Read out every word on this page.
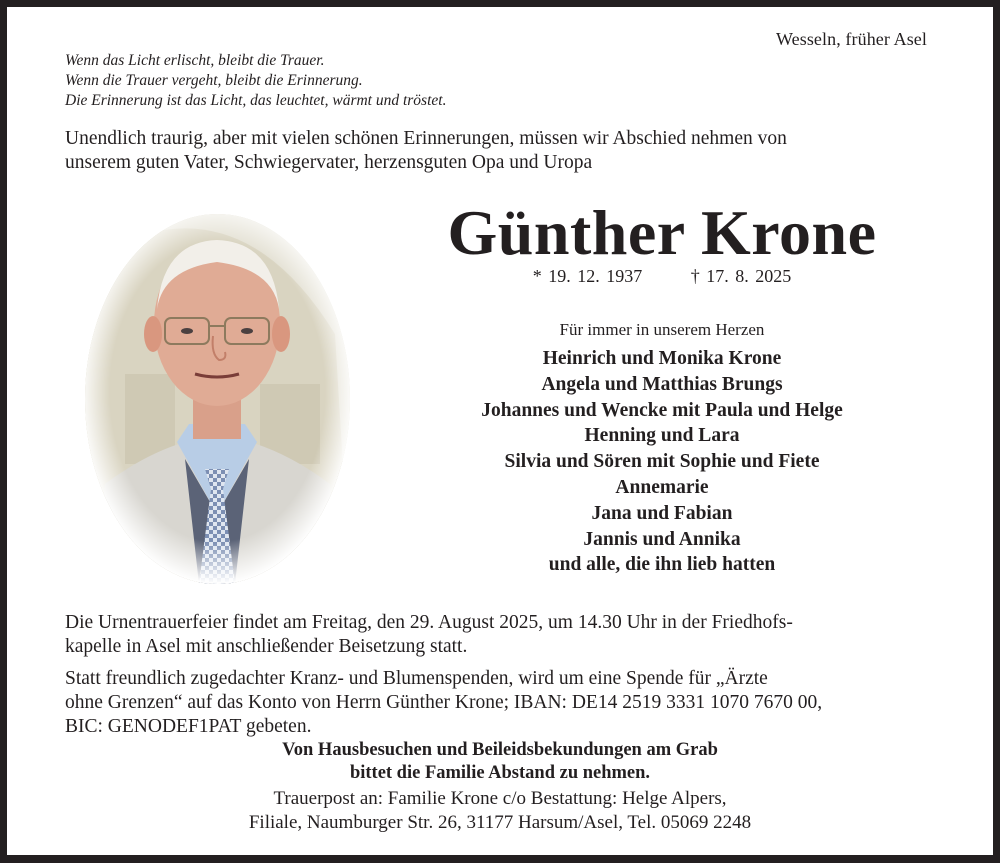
Wesseln, früher Asel
Wenn das Licht erlischt, bleibt die Trauer.
Wenn die Trauer vergeht, bleibt die Erinnerung.
Die Erinnerung ist das Licht, das leuchtet, wärmt und tröstet.
Unendlich traurig, aber mit vielen schönen Erinnerungen, müssen wir Abschied nehmen von
unserem guten Vater, Schwiegervater, herzensguten Opa und Uropa
Günther Krone
* 19. 12. 1937	† 17. 8. 2025
Für immer in unserem Herzen
Heinrich und Monika Krone
Angela und Matthias Brungs
Johannes und Wencke mit Paula und Helge
Henning und Lara
Silvia und Sören mit Sophie und Fiete
Annemarie
Jana und Fabian
Jannis und Annika
und alle, die ihn lieb hatten

Die Urnentrauerfeier findet am Freitag, den 29. August 2025, um 14.30 Uhr in der Friedhofs-
kapelle in Asel mit anschließender Beisetzung statt.

Statt freundlich zugedachter Kranz- und Blumenspenden, wird um eine Spende für „Ärzte
ohne Grenzen“ auf das Konto von Herrn Günther Krone; IBAN: DE14 2519 3331 1070 7670 00,
BIC: GENODEF1PAT gebeten.
Von Hausbesuchen und Beileidsbekundungen am Grab
bittet die Familie Abstand zu nehmen.
Trauerpost an: Familie Krone c/o Bestattung: Helge Alpers,
Filiale, Naumburger Str. 26, 31177 Harsum/Asel, Tel. 05069 2248
